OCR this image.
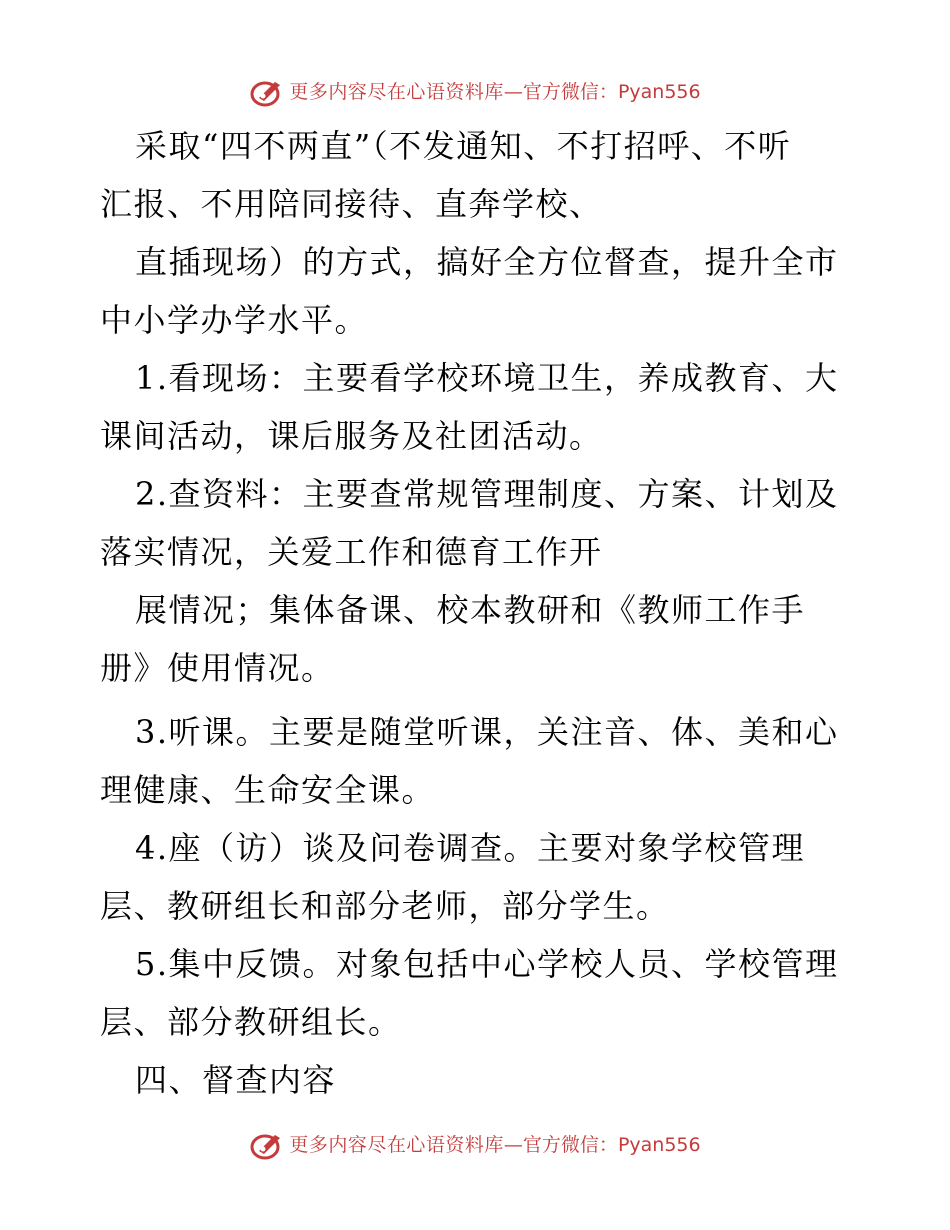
更多内容尽在心语资料库 — 官方微信： Pyan556
采取“四不两直”（不发通知、不打招呼、不听
汇报、不用陪同接待、直奔学校、
直插现场）的方式，搞好全方位督查，提升全市
中小学办学水平。
1.看现场：主要看学校环境卫生，养成教育、大
课间活动，课后服务及社团活动。
2.查资料：主要查常规管理制度、方案、计划及
落实情况，关爱工作和德育工作开
展情况；集体备课、校本教研和《教师工作手
册》使用情况。
3.听课。主要是随堂听课，关注音、体、美和心
理健康、生命安全课。
4.座（访）谈及问卷调查。主要对象学校管理
层、教研组长和部分老师，部分学生。
5.集中反馈。对象包括中心学校人员、学校管理
层、部分教研组长。
四、督查内容
更多内容尽在心语资料库 — 官方微信： Pyan556
